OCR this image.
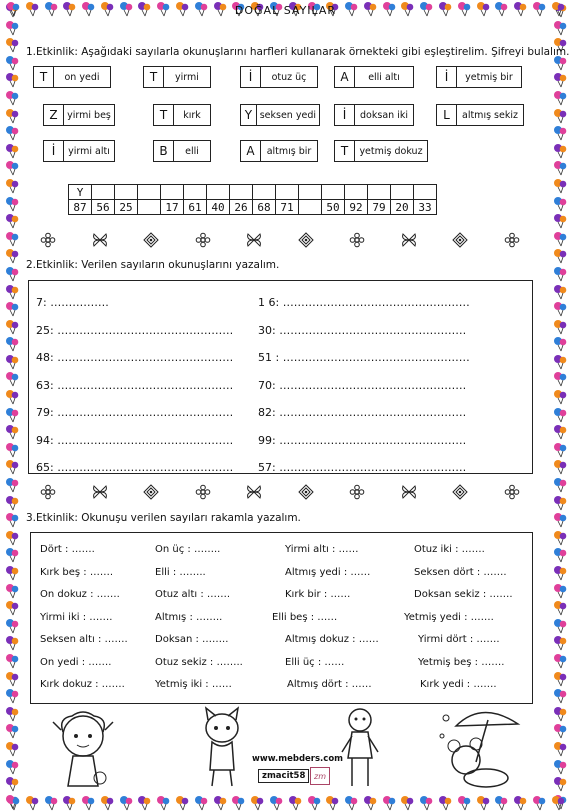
DOĞAL SAYILAR
1.Etkinlik: Aşağıdaki sayılarla okunuşlarını harfleri kullanarak örnekteki gibi eşleştirelim. Şifreyi bulalım.
T	on yedi	T	yirmi	İ	otuz üç	A	elli altı	İ	yetmiş bir
Z	yirmi beş	T	kırk	Y seksen yedi	İ	doksan iki	L	altmış sekiz
İ	yirmi altı	B	elli	A	altmış bir	T	yetmiş dokuz
Y															
87	56	25		17	61	40	26	68	71		50	92	79	20	33
2.Etkinlik: Verilen sayıların okunuşlarını yazalım.
7: …………….
25: …………………………………………
48: …………………………………………
63: …………………………………………
79: …………………………………………
94: …………………………………………
65: …………………………………………
1 6: ……………………………………………
30: ……………………………………………
51 : ……………………………………………
70: ……………………………………………
82: ……………………………………………
99: ……………………………………………
57: ……………………………………………
3.Etkinlik: Okunuşu verilen sayıları rakamla yazalım.
Dört : …….	On üç : ……..	Yirmi altı : ……	Otuz iki : …….
Kırk beş : …….	Elli : ……..	Altmış yedi : ……	Seksen dört : …….
On dokuz : …….	Otuz altı : …….	Kırk bir : ……	Doksan sekiz : …….
Yirmi iki : …….	Altmış : ……..	Elli beş : ……	Yetmiş yedi : …….
Seksen altı : …….	Doksan : ……..	Altmış dokuz : ……	Yirmi dört : …….
On yedi : …….	Otuz sekiz : ……..	Elli üç : ……	Yetmiş beş : …….
Kırk dokuz : …….	Yetmiş iki : ……	Altmış dört : ……	Kırk yedi : …….
www.mebders.com
zmacit58	zm
